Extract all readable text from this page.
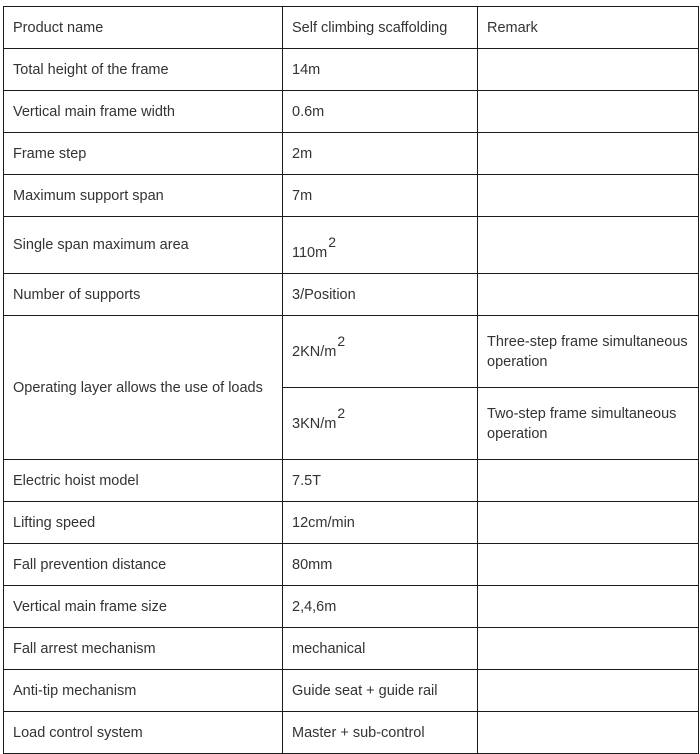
Product name	Self climbing scaffolding	Remark
Total height of the frame	14m	
Vertical main frame width	0.6m	
Frame step	2m	
Maximum support span	7m	
Single span maximum area	110m2	
Number of supports	3/Position	
Operating layer allows the use of loads	2KN/m2	Three-step frame simultaneous operation
	3KN/m2	Two-step frame simultaneous operation
Electric hoist model	7.5T	
Lifting speed	12cm/min	
Fall prevention distance	80mm	
Vertical main frame size	2,4,6m	
Fall arrest mechanism	mechanical	
Anti-tip mechanism	Guide seat + guide rail	
Load control system	Master + sub-control	
